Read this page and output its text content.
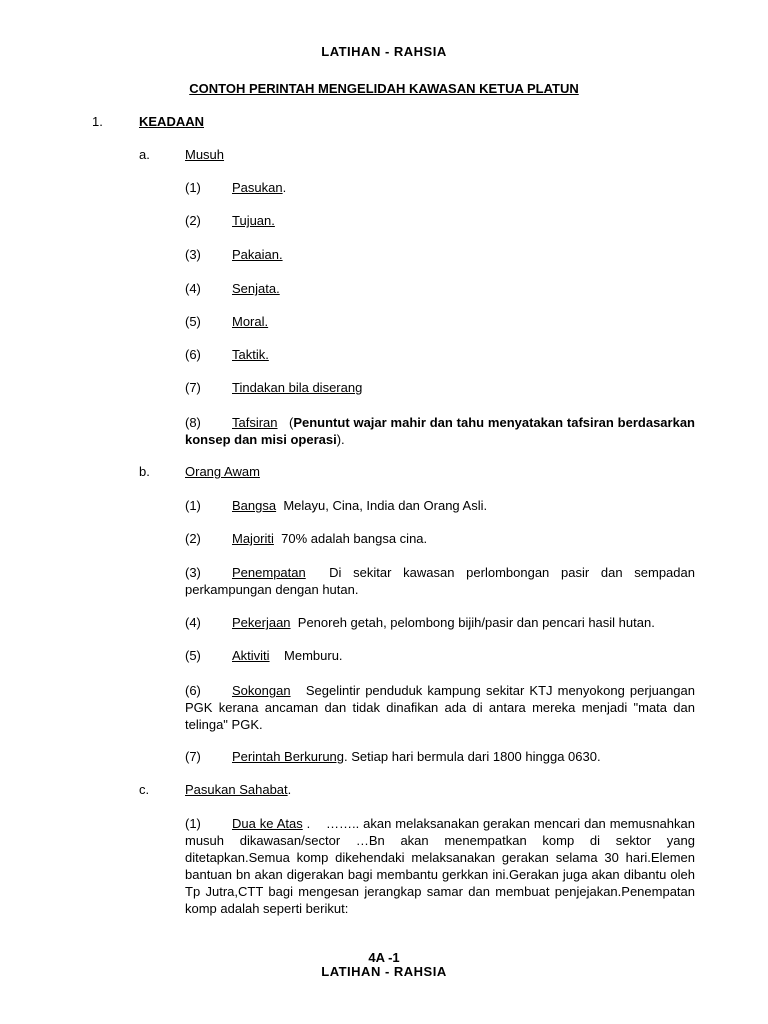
LATIHAN - RAHSIA
CONTOH PERINTAH MENGELIDAH KAWASAN KETUA PLATUN
1.	KEADAAN
a.	Musuh
(1) Pasukan.
(2) Tujuan.
(3) Pakaian.
(4) Senjata.
(5) Moral.
(6) Taktik.
(7) Tindakan bila diserang
(8) Tafsiran (Penuntut wajar mahir dan tahu menyatakan tafsiran berdasarkan konsep dan misi operasi).
b.	Orang Awam
(1) Bangsa Melayu, Cina, India dan Orang Asli.
(2) Majoriti 70% adalah bangsa cina.
(3) Penempatan Di sekitar kawasan perlombongan pasir dan sempadan perkampungan dengan hutan.
(4) Pekerjaan Penoreh getah, pelombong bijih/pasir dan pencari hasil hutan.
(5) Aktiviti Memburu.
(6) Sokongan Segelintir penduduk kampung sekitar KTJ menyokong perjuangan PGK kerana ancaman dan tidak dinafikan ada di antara mereka menjadi "mata dan telinga" PGK.
(7) Perintah Berkurung. Setiap hari bermula dari 1800 hingga 0630.
c.	Pasukan Sahabat.
(1) Dua ke Atas .    …….. akan melaksanakan gerakan mencari dan memusnahkan musuh dikawasan/sector …Bn akan menempatkan komp di sektor yang ditetapkan.Semua komp dikehendaki melaksanakan gerakan selama 30 hari.Elemen bantuan bn akan digerakan bagi membantu gerkkan ini.Gerakan juga akan dibantu oleh Tp Jutra,CTT bagi mengesan jerangkap samar dan membuat penjejakan.Penempatan komp adalah seperti berikut:
4A -1
LATIHAN - RAHSIA
